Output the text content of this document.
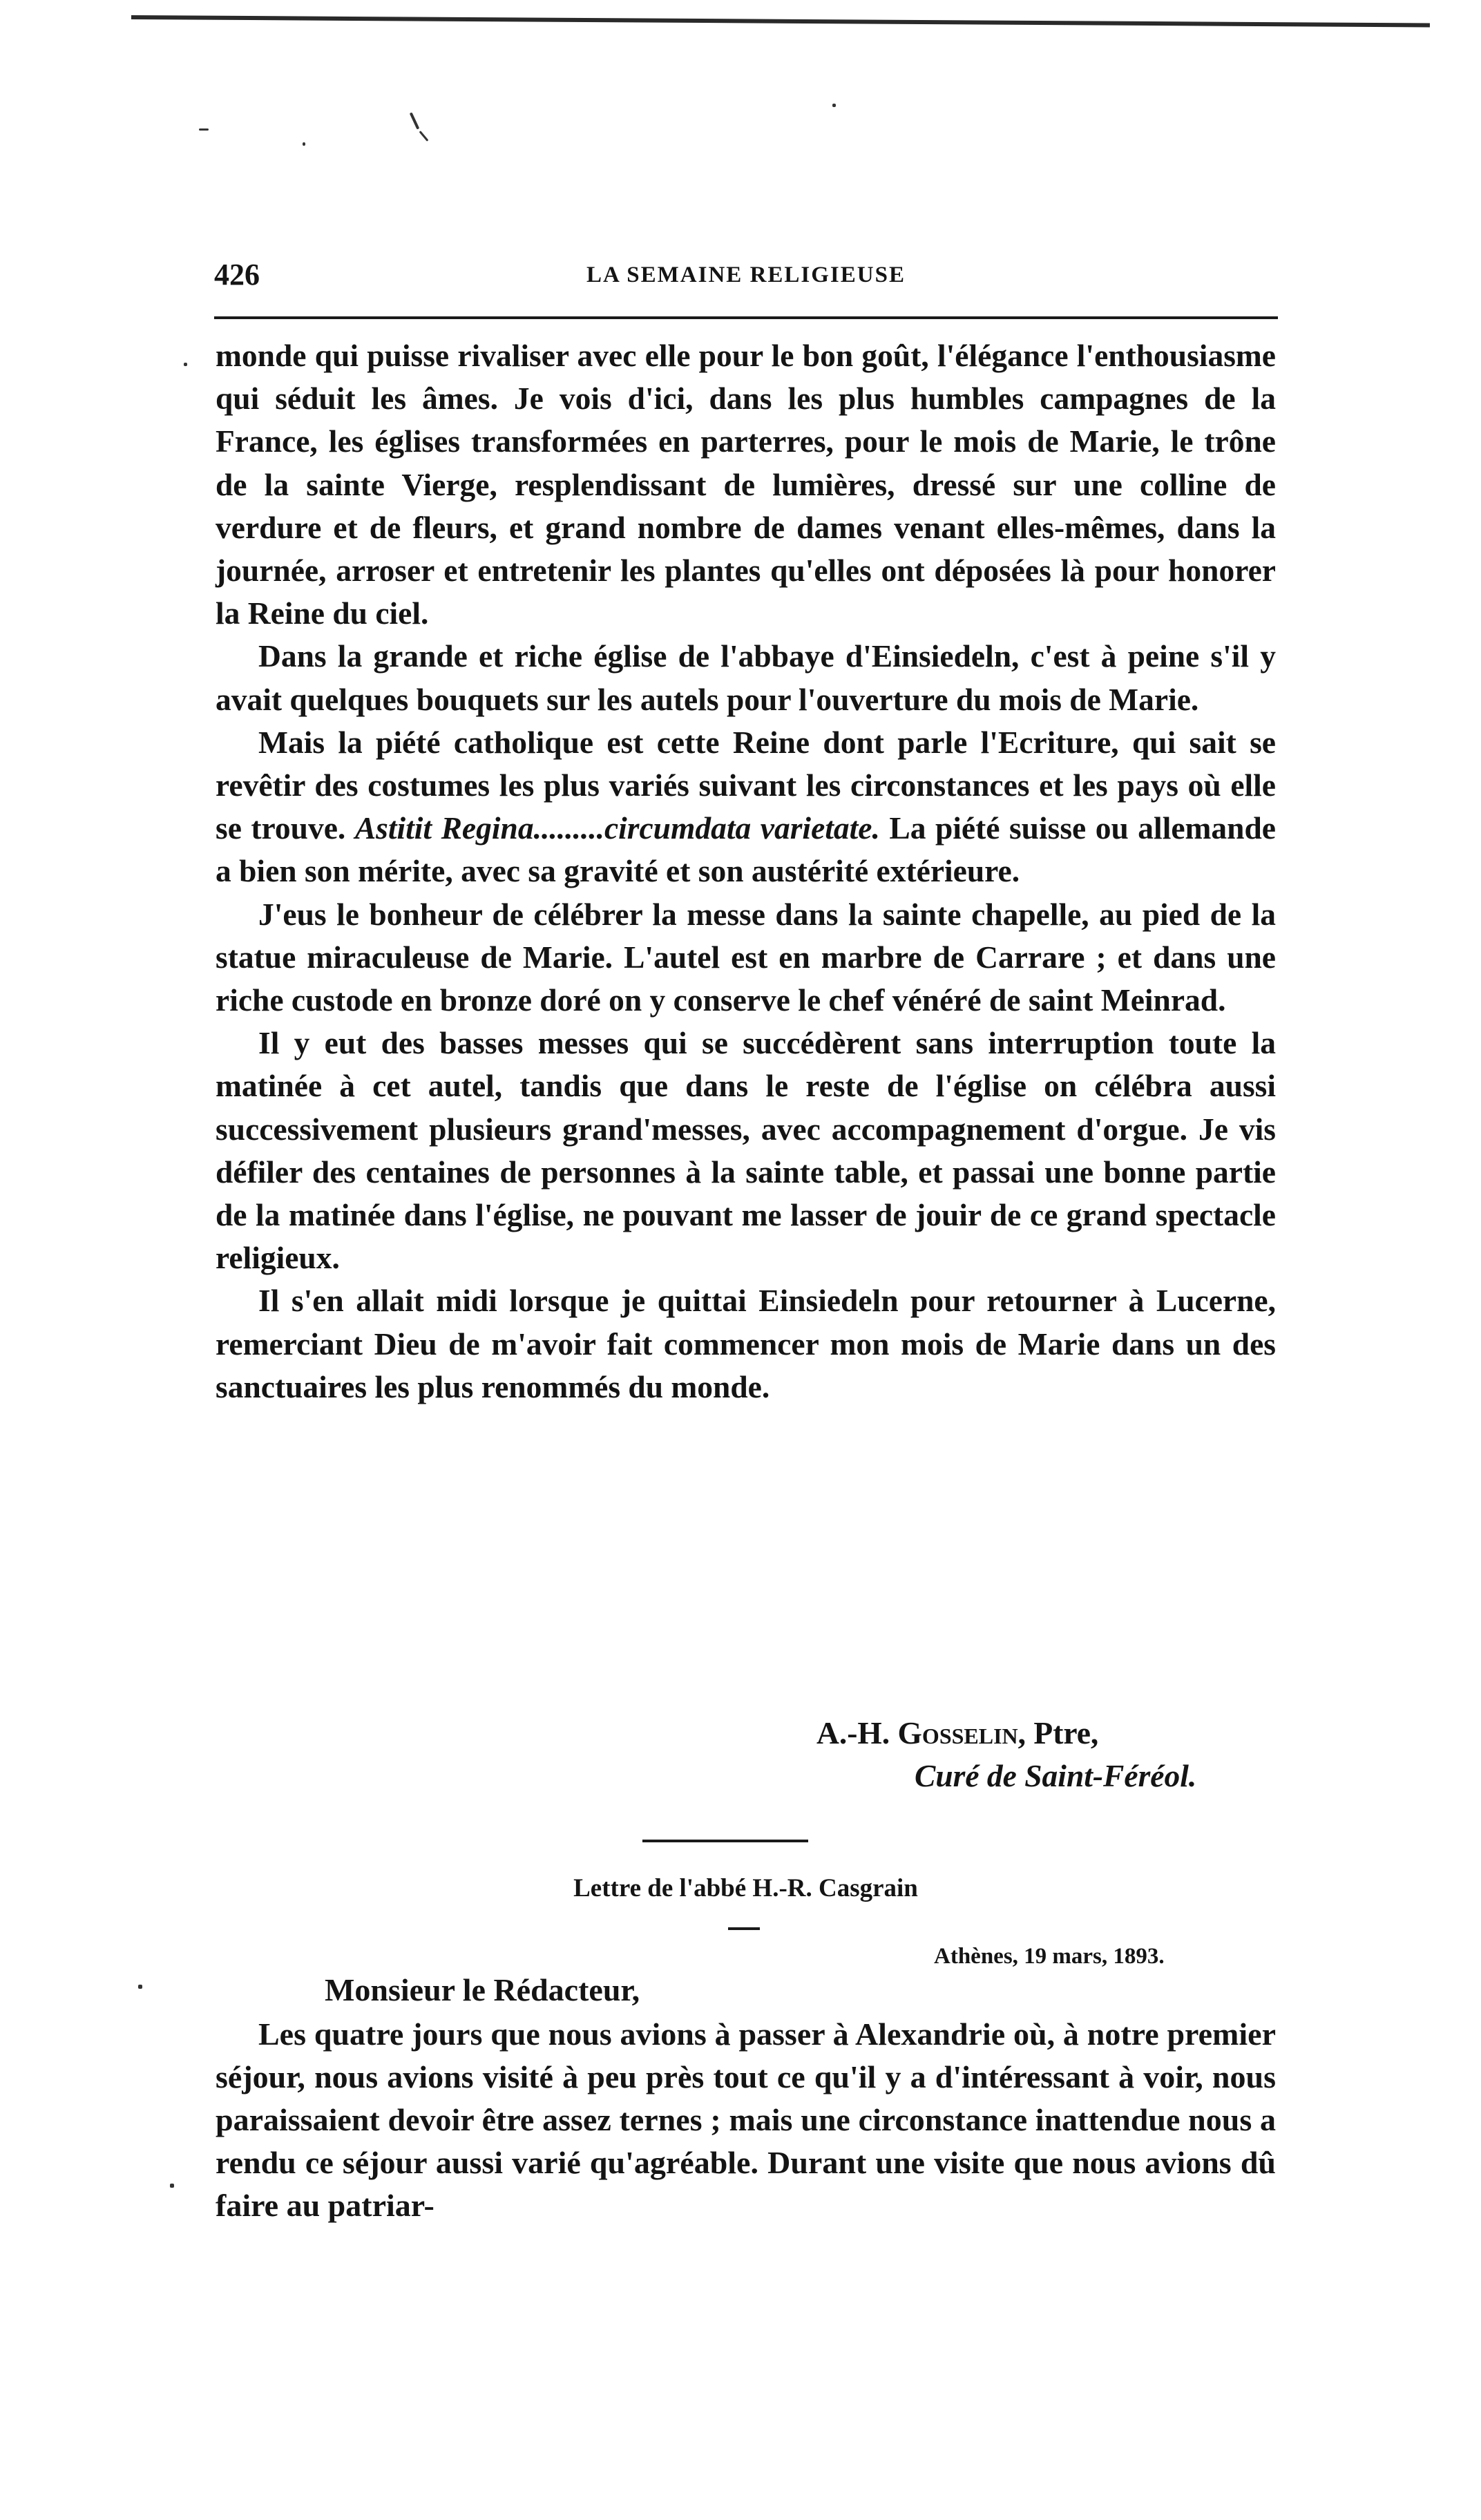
426	LA SEMAINE RELIGIEUSE

monde qui puisse rivaliser avec elle pour le bon goût, l'élégance l'enthousiasme qui séduit les âmes. Je vois d'ici, dans les plus humbles campagnes de la France, les églises transformées en parterres, pour le mois de Marie, le trône de la sainte Vierge, resplendissant de lumières, dressé sur une colline de verdure et de fleurs, et grand nombre de dames venant elles-mêmes, dans la journée, arroser et entretenir les plantes qu'elles ont déposées là pour honorer la Reine du ciel.

Dans la grande et riche église de l'abbaye d'Einsiedeln, c'est à peine s'il y avait quelques bouquets sur les autels pour l'ouverture du mois de Marie.

Mais la piété catholique est cette Reine dont parle l'Ecriture, qui sait se revêtir des costumes les plus variés suivant les circonstances et les pays où elle se trouve. Astitit Regina.........circumdata varietate. La piété suisse ou allemande a bien son mérite, avec sa gravité et son austérité extérieure.

J'eus le bonheur de célébrer la messe dans la sainte chapelle, au pied de la statue miraculeuse de Marie. L'autel est en marbre de Carrare ; et dans une riche custode en bronze doré on y conserve le chef vénéré de saint Meinrad.

Il y eut des basses messes qui se succédèrent sans interruption toute la matinée à cet autel, tandis que dans le reste de l'église on célébra aussi successivement plusieurs grand'messes, avec accompagnement d'orgue. Je vis défiler des centaines de personnes à la sainte table, et passai une bonne partie de la matinée dans l'église, ne pouvant me lasser de jouir de ce grand spectacle religieux.

Il s'en allait midi lorsque je quittai Einsiedeln pour retourner à Lucerne, remerciant Dieu de m'avoir fait commencer mon mois de Marie dans un des sanctuaires les plus renommés du monde.

A.-H. Gosselin, Ptre,
Curé de Saint-Féréol.
Lettre de l'abbé H.-R. Casgrain
Athènes, 19 mars, 1893.
Monsieur le Rédacteur,

Les quatre jours que nous avions à passer à Alexandrie où, à notre premier séjour, nous avions visité à peu près tout ce qu'il y a d'intéressant à voir, nous paraissaient devoir être assez ternes ; mais une circonstance inattendue nous a rendu ce séjour aussi varié qu'agréable. Durant une visite que nous avions dû faire au patriar-
